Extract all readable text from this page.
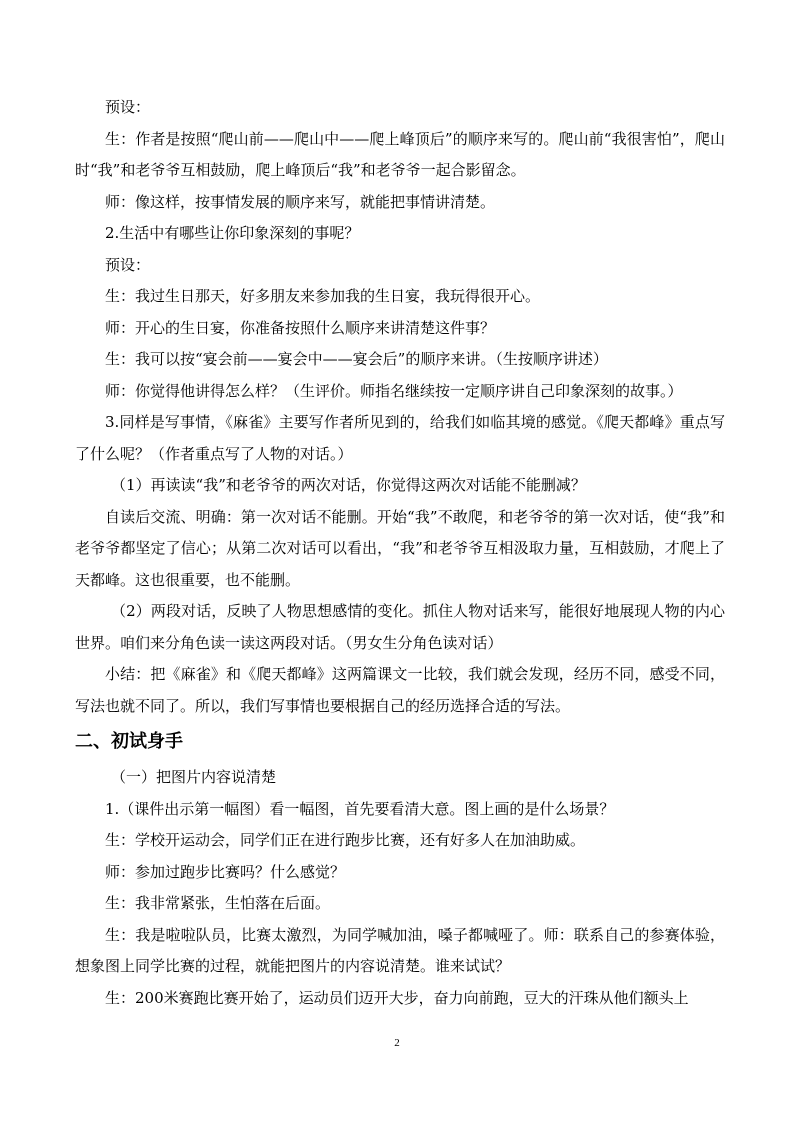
预设：

生：作者是按照“爬山前——爬山中——爬上峰顶后”的顺序来写的。爬山前“我很害怕”，爬山时“我”和老爷爷互相鼓励，爬上峰顶后“我”和老爷爷一起合影留念。

师：像这样，按事情发展的顺序来写，就能把事情讲清楚。

2.生活中有哪些让你印象深刻的事呢？

预设：

生：我过生日那天，好多朋友来参加我的生日宴，我玩得很开心。

师：开心的生日宴，你准备按照什么顺序来讲清楚这件事？

生：我可以按“宴会前——宴会中——宴会后”的顺序来讲。（生按顺序讲述）

师：你觉得他讲得怎么样？（生评价。师指名继续按一定顺序讲自己印象深刻的故事。）

3.同样是写事情，《麻雀》主要写作者所见到的，给我们如临其境的感觉。《爬天都峰》重点写了什么呢？（作者重点写了人物的对话。）

（1）再读读“我”和老爷爷的两次对话，你觉得这两次对话能不能删减？

自读后交流、明确：第一次对话不能删。开始“我”不敢爬，和老爷爷的第一次对话，使“我”和老爷爷都坚定了信心；从第二次对话可以看出，“我”和老爷爷互相汲取力量，互相鼓励，才爬上了天都峰。这也很重要，也不能删。

（2）两段对话，反映了人物思想感情的变化。抓住人物对话来写，能很好地展现人物的内心世界。咱们来分角色读一读这两段对话。（男女生分角色读对话）

小结：把《麻雀》和《爬天都峰》这两篇课文一比较，我们就会发现，经历不同，感受不同，写法也就不同了。所以，我们写事情也要根据自己的经历选择合适的写法。

二、初试身手

（一）把图片内容说清楚

1.（课件出示第一幅图）看一幅图，首先要看清大意。图上画的是什么场景？

生：学校开运动会，同学们正在进行跑步比赛，还有好多人在加油助威。

师：参加过跑步比赛吗？什么感觉？

生：我非常紧张，生怕落在后面。

生：我是啦啦队员，比赛太激烈，为同学喊加油，嗓子都喊哑了。师：联系自己的参赛体验，想象图上同学比赛的过程，就能把图片的内容说清楚。谁来试试？

生：200米赛跑比赛开始了，运动员们迈开大步，奋力向前跑，豆大的汗珠从他们额头上

2
